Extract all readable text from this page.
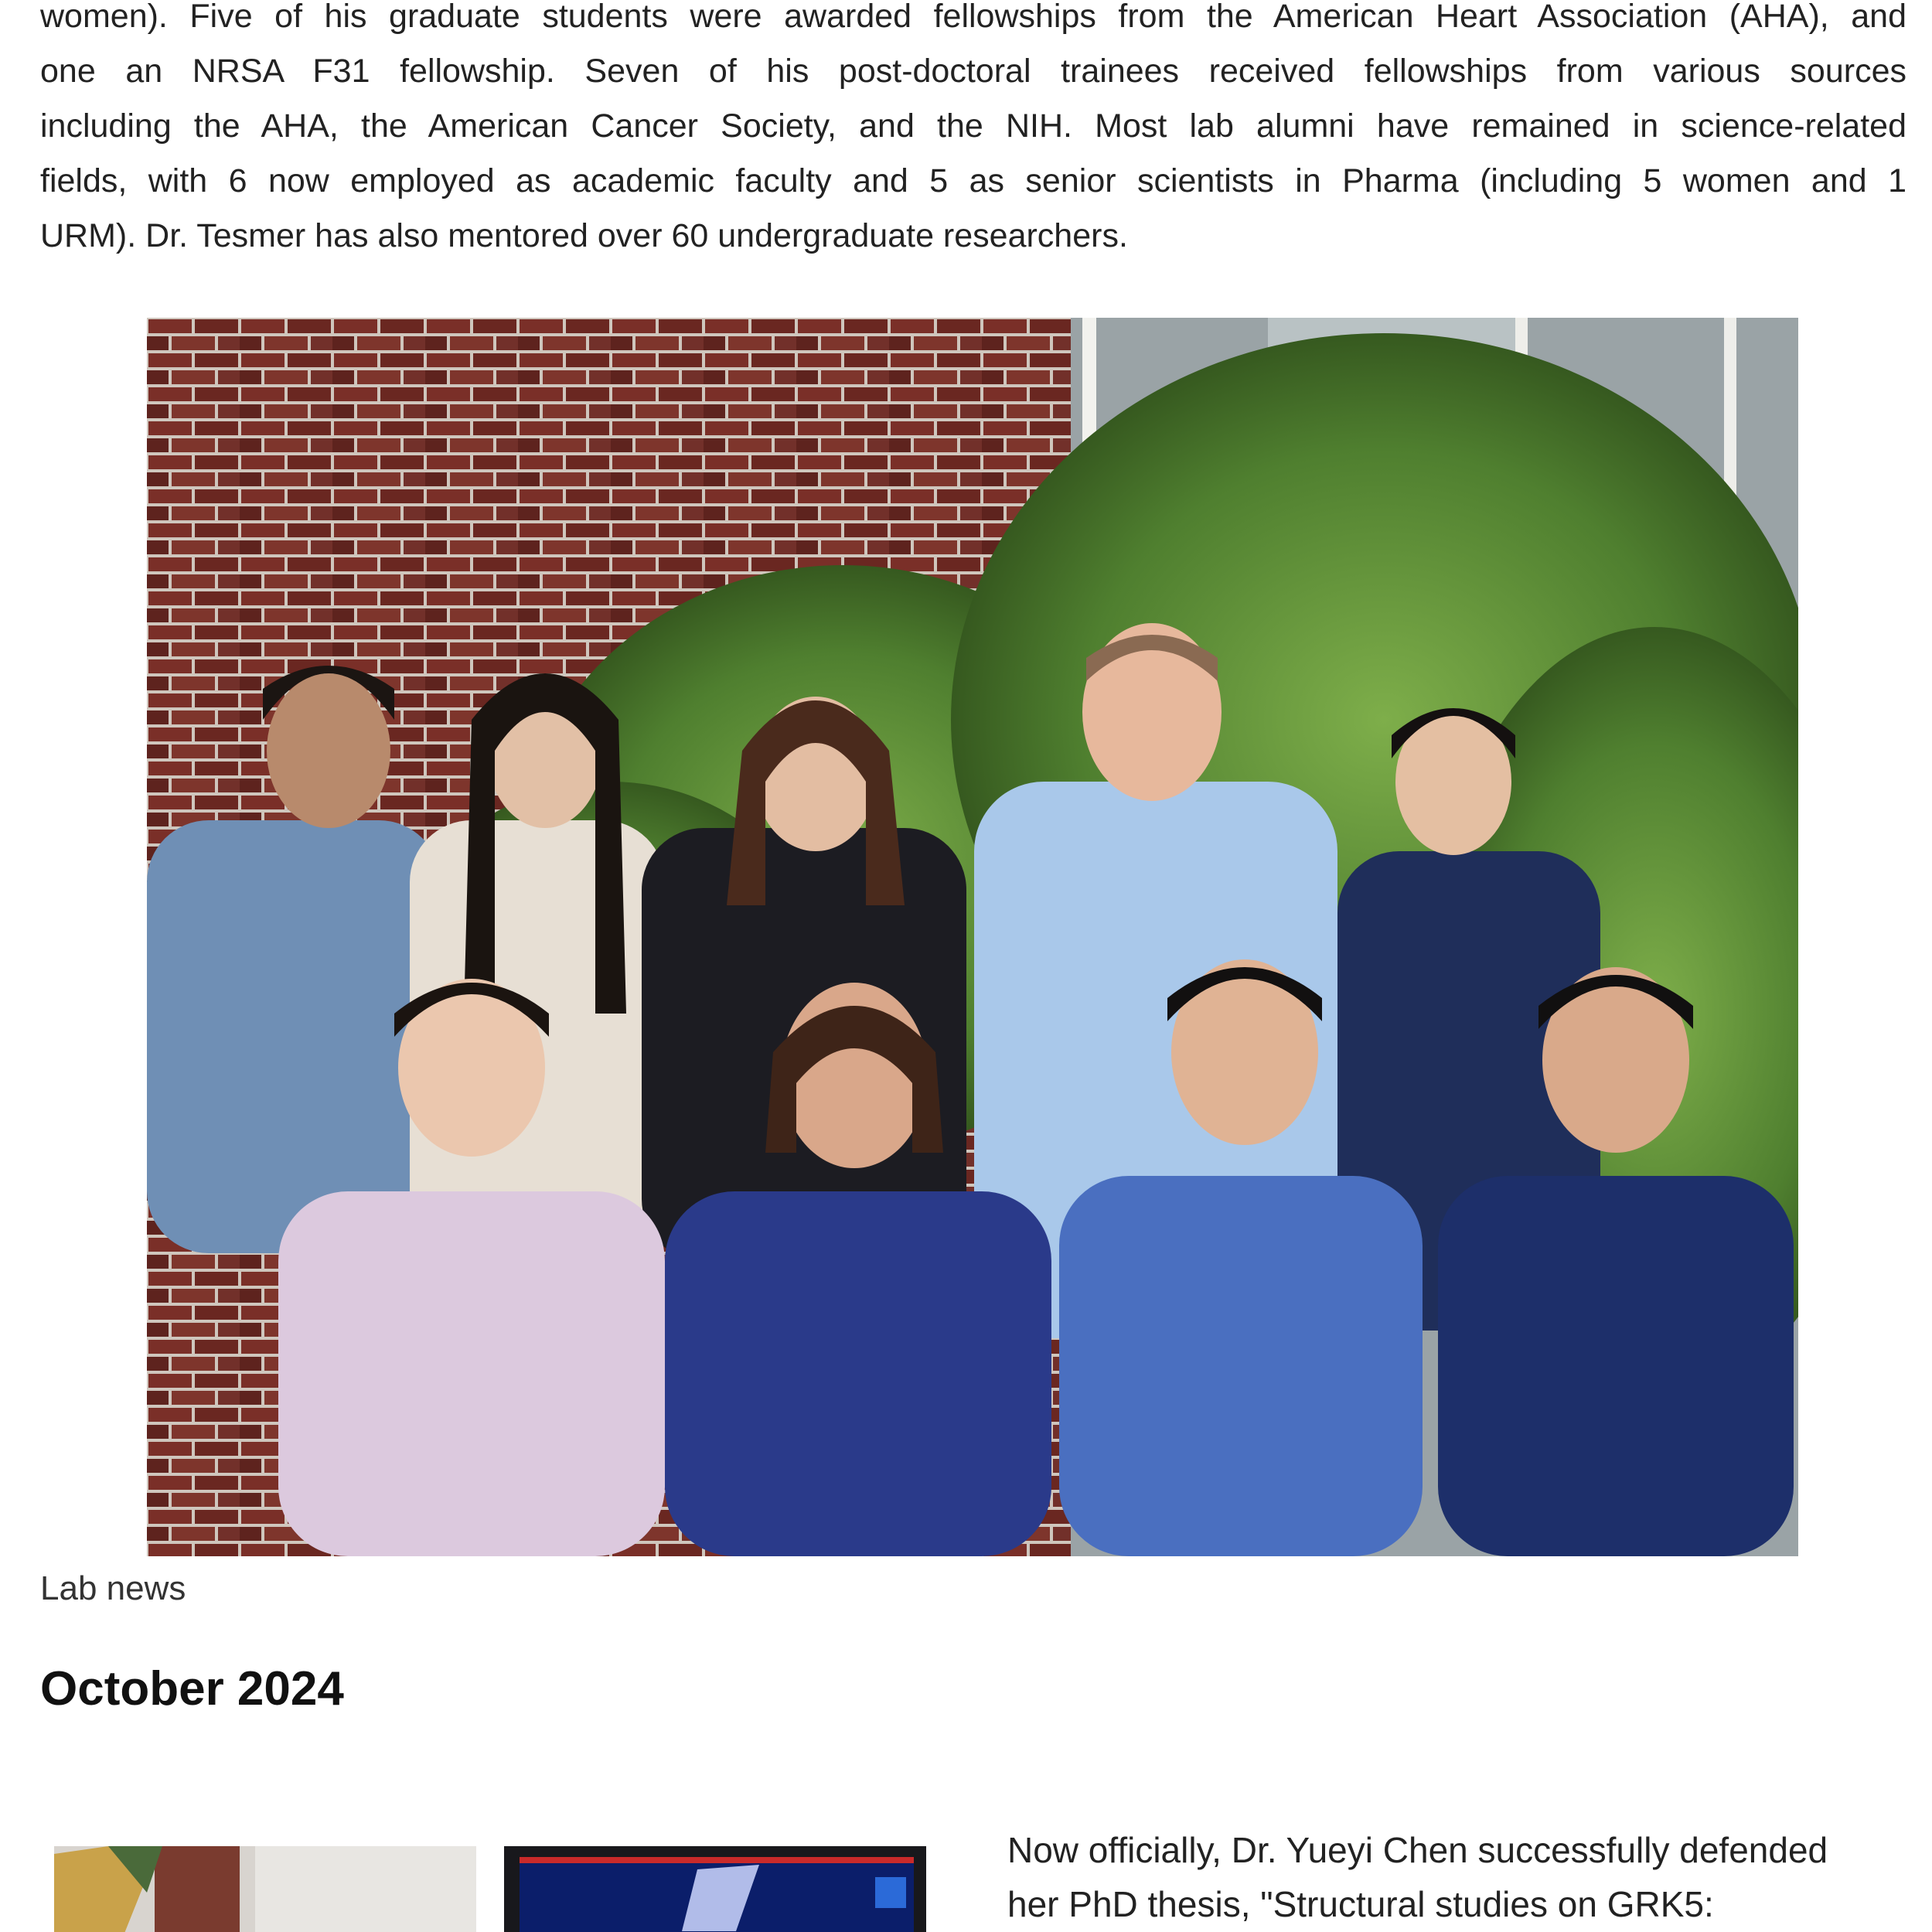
women). Five of his graduate students were awarded fellowships from the American Heart Association (AHA), and
one an NRSA F31 fellowship. Seven of his post-doctoral trainees received fellowships from various sources
including the AHA, the American Cancer Society, and the NIH. Most lab alumni have remained in science-related
fields, with 6 now employed as academic faculty and 5 as senior scientists in Pharma (including 5 women and 1
URM). Dr. Tesmer has also mentored over 60 undergraduate researchers.

Lab news
October 2024

Now officially, Dr. Yueyi Chen successfully defended
her PhD thesis, "Structural studies on GRK5:
